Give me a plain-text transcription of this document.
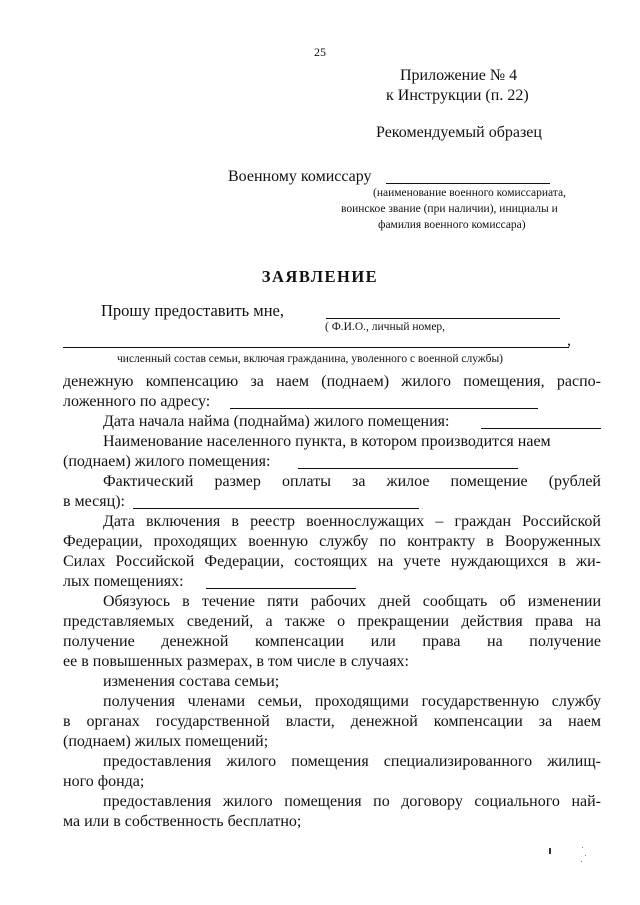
25
Приложение № 4
к Инструкции (п. 22)
Рекомендуемый образец
Военному комиссару
(наименование военного комиссариата,
воинское звание (при наличии), инициалы и
фамилия военного комиссара)
ЗАЯВЛЕНИЕ
Прошу предоставить мне,
( Ф.И.О., личный номер,
,
численный состав семьи, включая гражданина, уволенного с военной службы)
денежную компенсацию за наем (поднаем) жилого помещения, распо-
ложенного по адресу:
Дата начала найма (поднайма) жилого помещения:
Наименование населенного пункта, в котором производится наем
(поднаем) жилого помещения:
Фактический размер оплаты за жилое помещение (рублей
в месяц):
Дата включения в реестр военнослужащих – граждан Российской
Федерации, проходящих военную службу по контракту в Вооруженных
Силах Российской Федерации, состоящих на учете нуждающихся в жи-
лых помещениях:
Обязуюсь в течение пяти рабочих дней сообщать об изменении
представляемых сведений, а также о прекращении действия права на
получение денежной компенсации или права на получение
ее в повышенных размерах, в том числе в случаях:
изменения состава семьи;
получения членами семьи, проходящими государственную службу
в органах государственной власти, денежной компенсации за наем
(поднаем) жилых помещений;
предоставления жилого помещения специализированного жилищ-
ного фонда;
предоставления жилого помещения по договору социального най-
ма или в собственность бесплатно;
